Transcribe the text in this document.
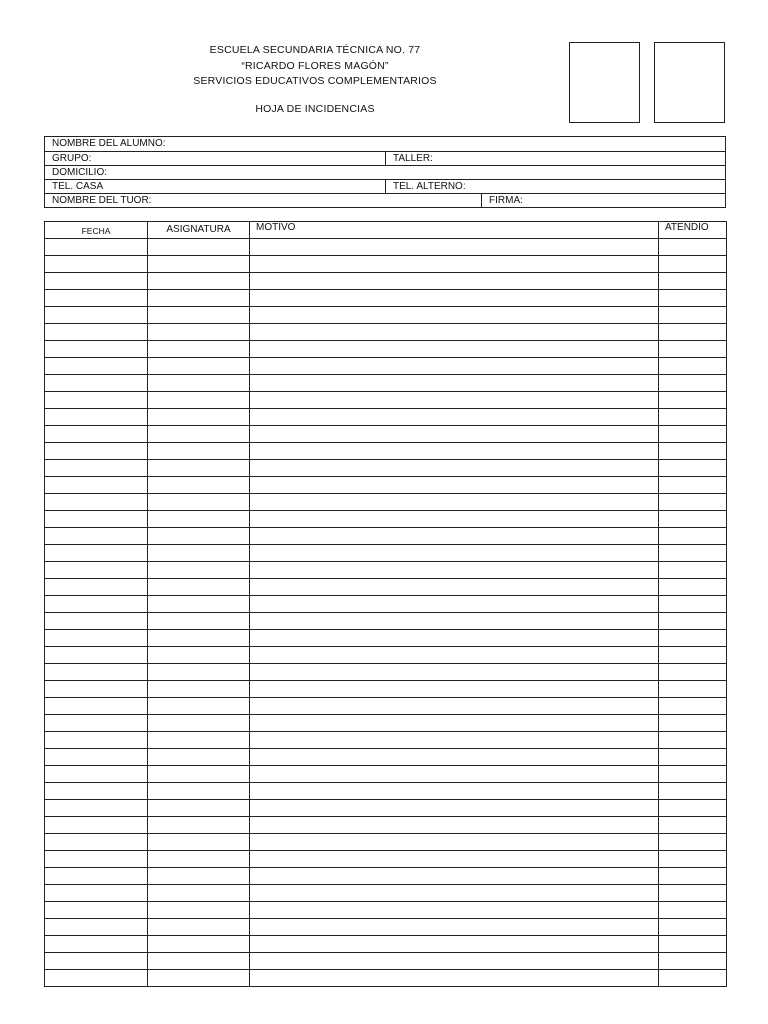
ESCUELA SECUNDARIA TÉCNICA NO. 77
“RICARDO FLORES MAGÓN”
SERVICIOS EDUCATIVOS COMPLEMENTARIOS
HOJA DE INCIDENCIAS
NOMBRE DEL ALUMNO:
GRUPO:	TALLER:
DOMICILIO:
TEL. CASA	TEL. ALTERNO:
NOMBRE DEL TUOR:	FIRMA:
FECHA	ASIGNATURA	MOTIVO	ATENDIÓ
